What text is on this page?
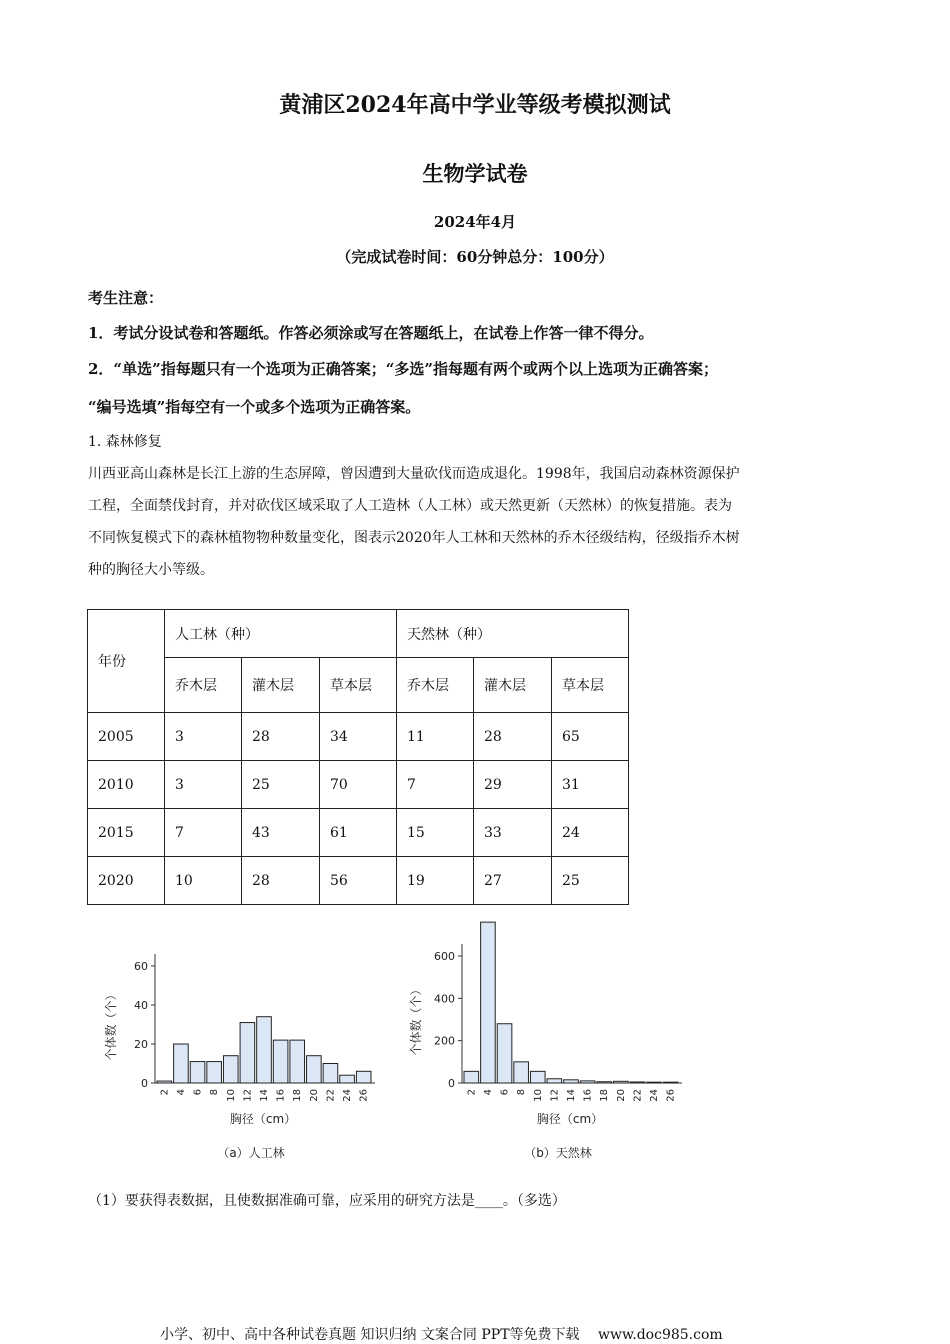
黄浦区2024年高中学业等级考模拟测试
生物学试卷
2024年4月
（完成试卷时间：60分钟总分：100分）
考生注意：
1．考试分设试卷和答题纸。作答必须涂或写在答题纸上，在试卷上作答一律不得分。
2．“单选”指每题只有一个选项为正确答案；“多选”指每题有两个或两个以上选项为正确答案；
“编号选填”指每空有一个或多个选项为正确答案。
1. 森林修复
川西亚高山森林是长江上游的生态屏障，曾因遭到大量砍伐而造成退化。1998年，我国启动森林资源保护
工程，全面禁伐封育，并对砍伐区域采取了人工造林（人工林）或天然更新（天然林）的恢复措施。表为
不同恢复模式下的森林植物物种数量变化，图表示2020年人工林和天然林的乔木径级结构，径级指乔木树
种的胸径大小等级。
年份	人工林（种）			天然林（种）		
	乔木层	灌木层	草本层	乔木层	灌木层	草本层
2005	3	28	34	11	28	65
2010	3	25	70	7	29	31
2015	7	43	61	15	33	24
2020	10	28	56	19	27	25
0
20
40
60
2 4 6 8 10 12 14 16 18 20 22 24 26
个体数（个）
胸径（cm）
（a）人工林
0
200
400
600
2 4 6 8 10 12 14 16 18 20 22 24 26
个体数（个）
胸径（cm）
（b）天然林
（1）要获得表数据，且使数据准确可靠，应采用的研究方法是____。（多选）
小学、初中、高中各种试卷真题 知识归纳 文案合同 PPT等免费下载 www.doc985.com
